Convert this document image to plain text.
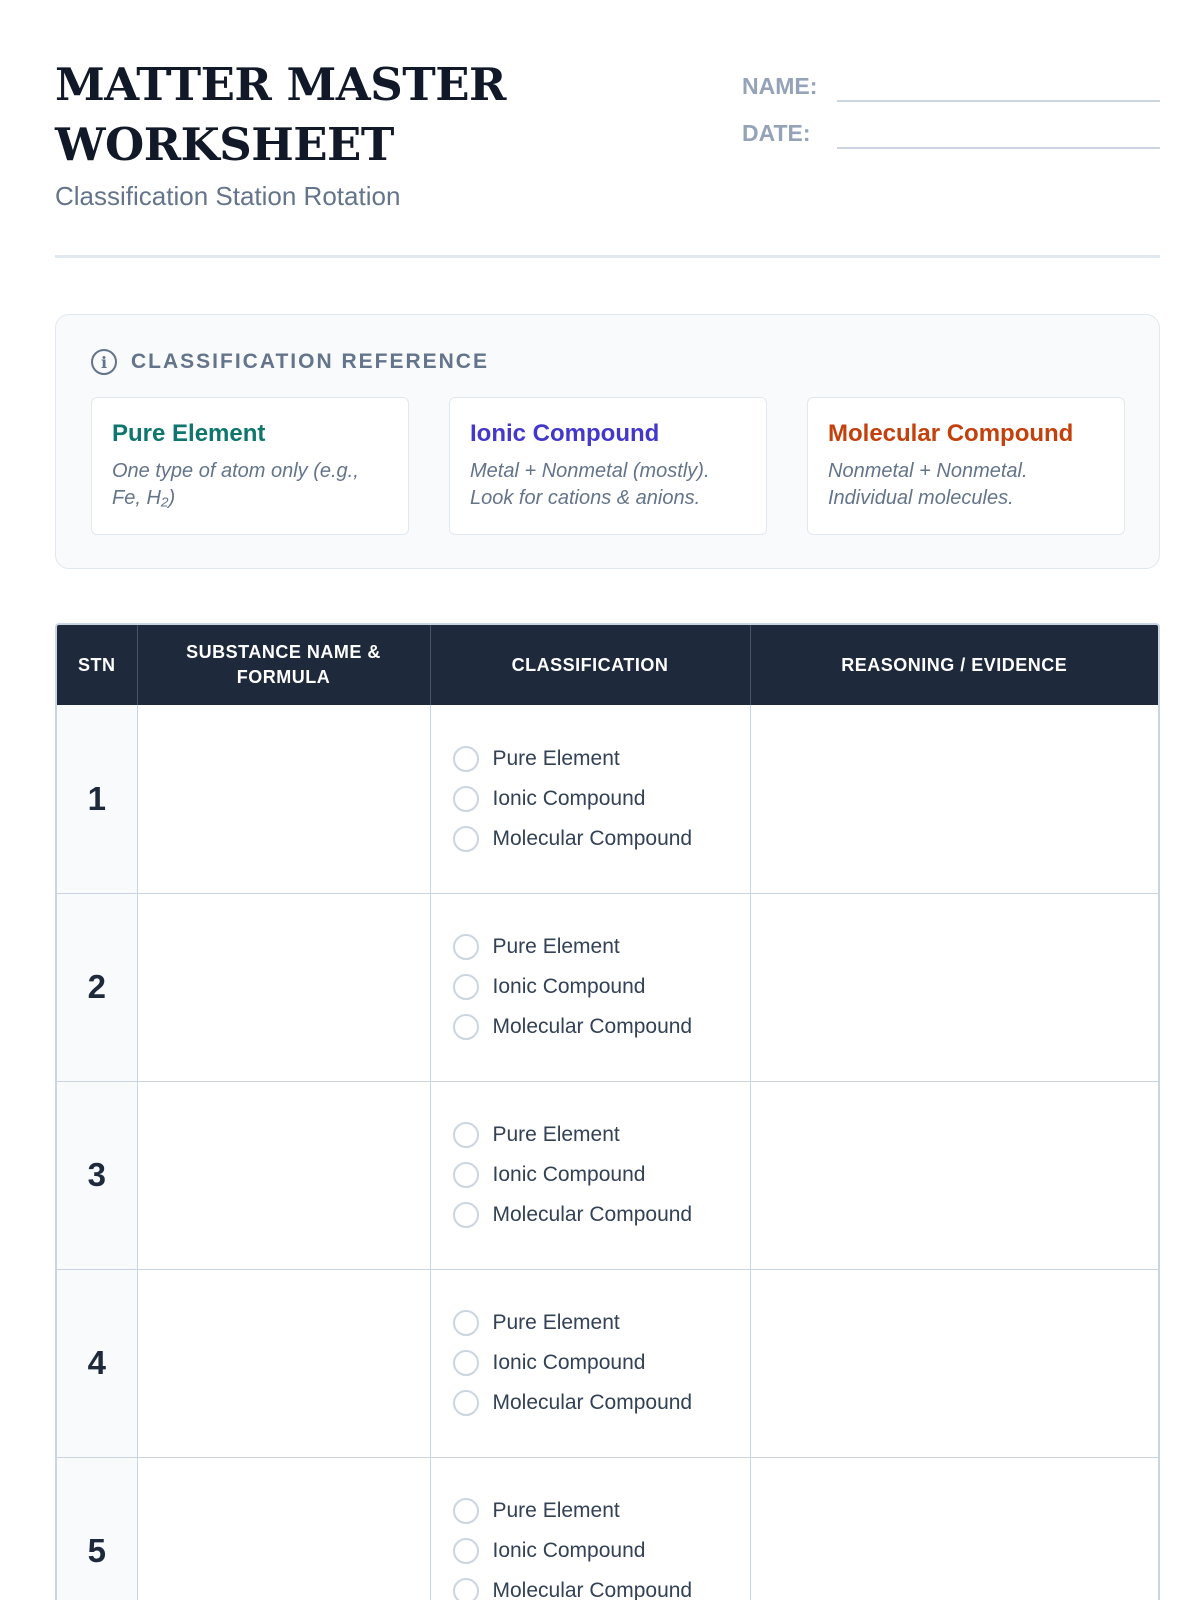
MATTER MASTER
WORKSHEET
Classification Station Rotation
NAME:
DATE:
i	CLASSIFICATION REFERENCE
Pure Element
One type of atom only (e.g., Fe, H₂)
Ionic Compound
Metal + Nonmetal (mostly). Look for cations & anions.
Molecular Compound
Nonmetal + Nonmetal. Individual molecules.
STN	SUBSTANCE NAME & FORMULA	CLASSIFICATION	REASONING / EVIDENCE
1		Pure Element
Ionic Compound
Molecular Compound	

2		Pure Element
Ionic Compound
Molecular Compound	

3		Pure Element
Ionic Compound
Molecular Compound	

4		Pure Element
Ionic Compound
Molecular Compound	

5		Pure Element
Ionic Compound
Molecular Compound	
